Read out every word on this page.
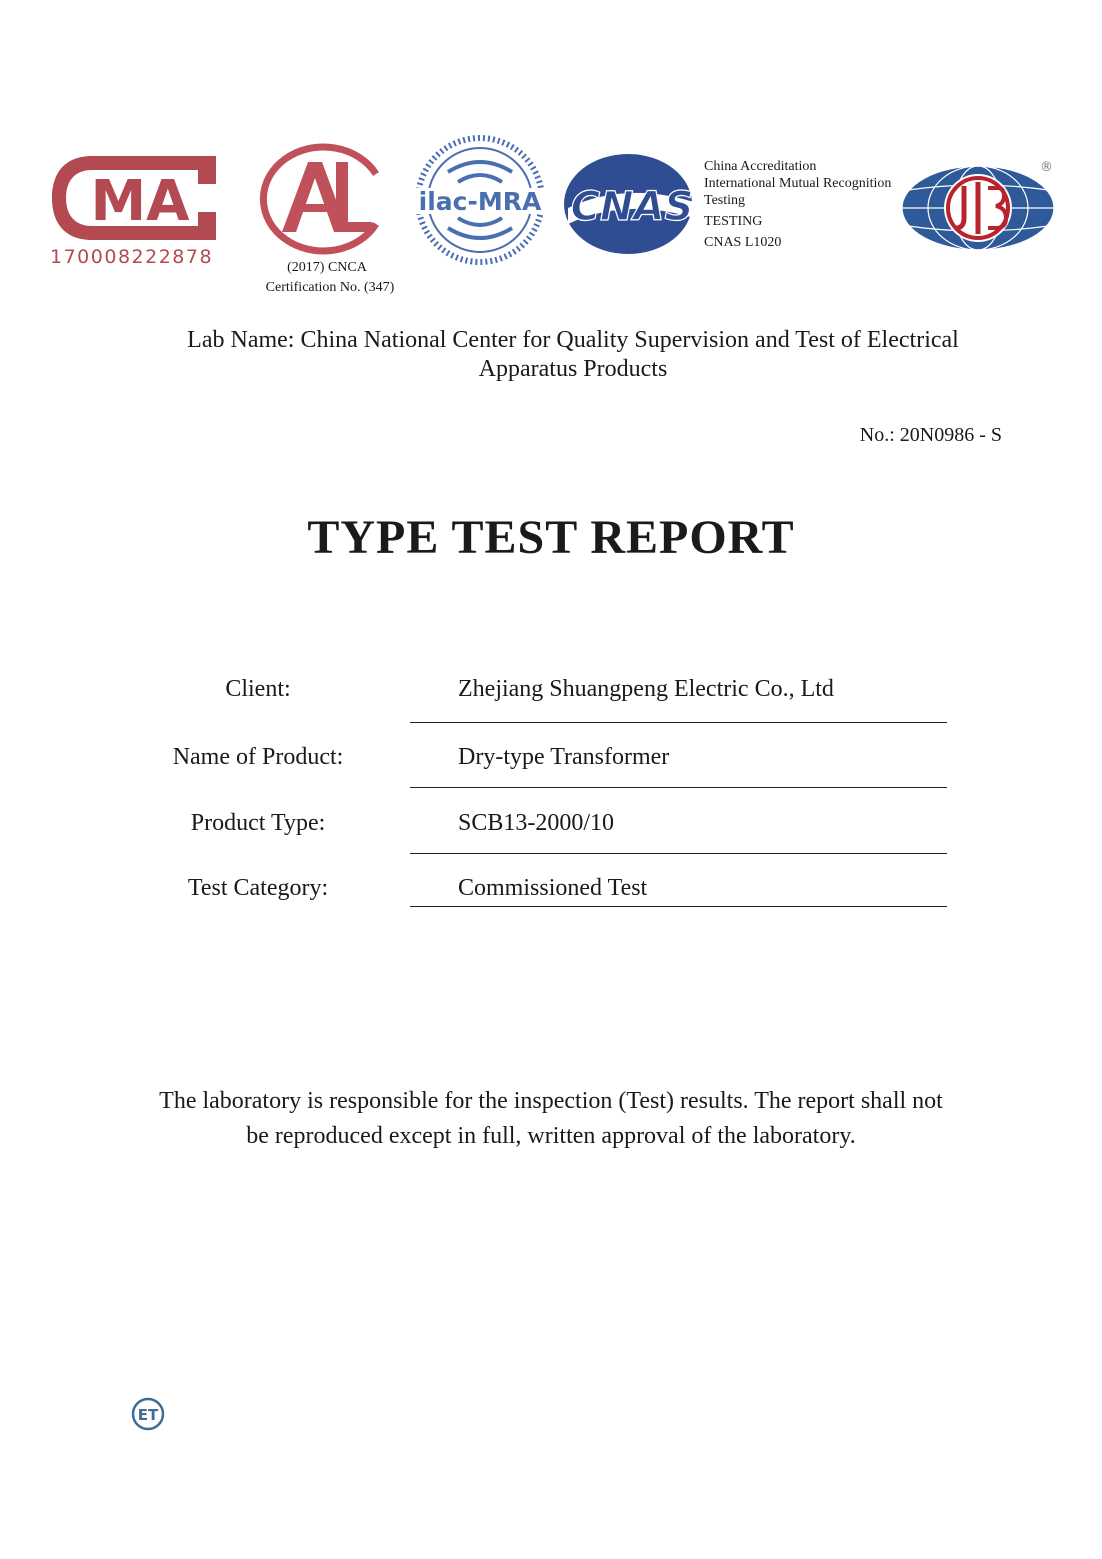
MA
170008222878	(2017) CNCA
Certification No. (347)
ilac-MRA CNAS
China Accreditation
International Mutual Recognition
Testing
TESTING
CNAS L1020
®
Lab Name: China National Center for Quality Supervision and Test of Electrical
Apparatus Products
No.: 20N0986 - S
TYPE TEST REPORT
Client:	Zhejiang Shuangpeng Electric Co., Ltd
Name of Product:	Dry-type Transformer
Product Type:	SCB13-2000/10
Test Category:	Commissioned Test
The laboratory is responsible for the inspection (Test) results. The report shall not
be reproduced except in full, written approval of the laboratory.
ET
